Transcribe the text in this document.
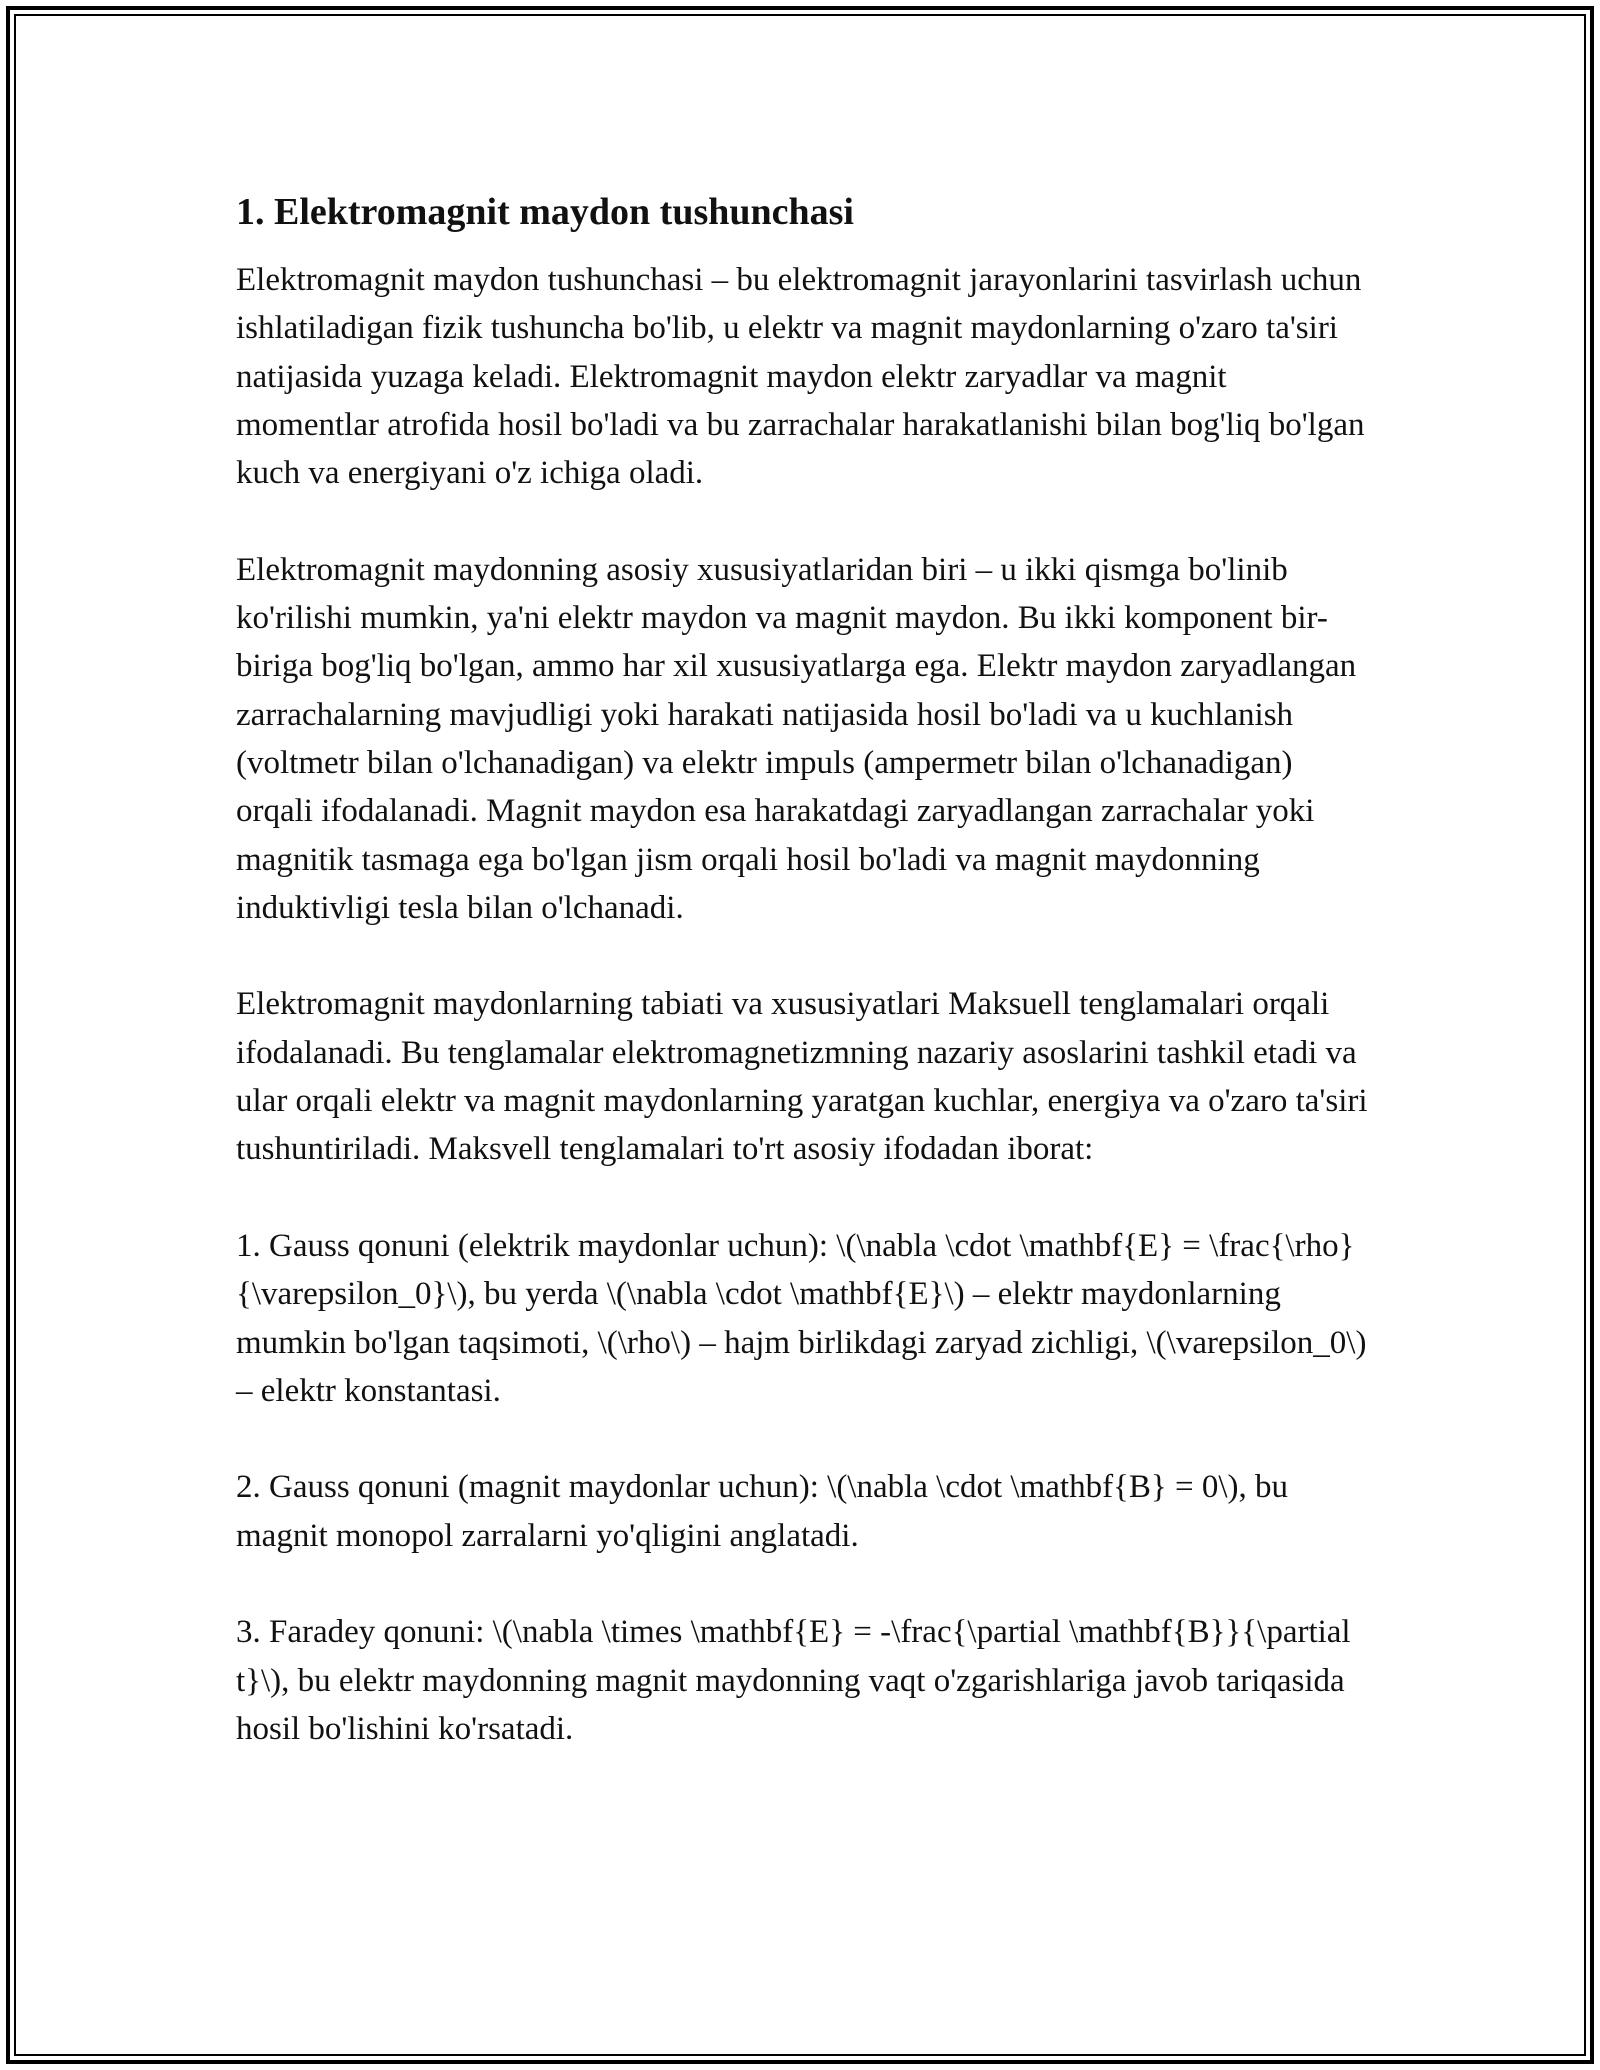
1. Elektromagnit maydon tushunchasi

Elektromagnit maydon tushunchasi – bu elektromagnit jarayonlarini tasvirlash uchun ishlatiladigan fizik tushuncha bo'lib, u elektr va magnit maydonlarning o'zaro ta'siri natijasida yuzaga keladi. Elektromagnit maydon elektr zaryadlar va magnit momentlar atrofida hosil bo'ladi va bu zarrachalar harakatlanishi bilan bog'liq bo'lgan kuch va energiyani o'z ichiga oladi.

Elektromagnit maydonning asosiy xususiyatlaridan biri – u ikki qismga bo'linib ko'rilishi mumkin, ya'ni elektr maydon va magnit maydon. Bu ikki komponent bir-biriga bog'liq bo'lgan, ammo har xil xususiyatlarga ega. Elektr maydon zaryadlangan zarrachalarning mavjudligi yoki harakati natijasida hosil bo'ladi va u kuchlanish (voltmetr bilan o'lchanadigan) va elektr impuls (ampermetr bilan o'lchanadigan) orqali ifodalanadi. Magnit maydon esa harakatdagi zaryadlangan zarrachalar yoki magnitik tasmaga ega bo'lgan jism orqali hosil bo'ladi va magnit maydonning induktivligi tesla bilan o'lchanadi.

Elektromagnit maydonlarning tabiati va xususiyatlari Maksuell tenglamalari orqali ifodalanadi. Bu tenglamalar elektromagnetizmning nazariy asoslarini tashkil etadi va ular orqali elektr va magnit maydonlarning yaratgan kuchlar, energiya va o'zaro ta'siri tushuntiriladi. Maksvell tenglamalari to'rt asosiy ifodadan iborat:

1. Gauss qonuni (elektrik maydonlar uchun): \(\nabla \cdot \mathbf{E} = \frac{\rho}{\varepsilon_0}\), bu yerda \(\nabla \cdot \mathbf{E}\) – elektr maydonlarning mumkin bo'lgan taqsimoti, \(\rho\) – hajm birlikdagi zaryad zichligi, \(\varepsilon_0\) – elektr konstantasi.

2. Gauss qonuni (magnit maydonlar uchun): \(\nabla \cdot \mathbf{B} = 0\), bu magnit monopol zarralarni yo'qligini anglatadi.

3. Faradey qonuni: \(\nabla \times \mathbf{E} = -\frac{\partial \mathbf{B}}{\partial t}\), bu elektr maydonning magnit maydonning vaqt o'zgarishlariga javob tariqasida hosil bo'lishini ko'rsatadi.
